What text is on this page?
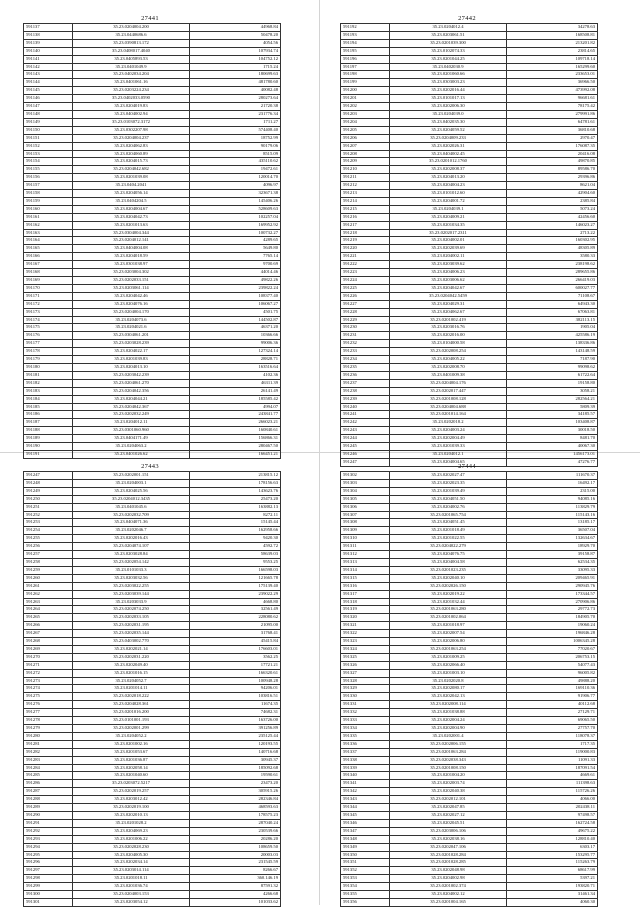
27441
591137	35.23.0204004.200	44968.84
591138	35.23.0440686.6	50478.20
591139	35.23.0390813.172	4054.56
591140	35.23.0408017.4040	107934.74
591141	35.23.0405893.53	104752.12
591142	35.23.0401049.9	1715.24
591143	35.23.0402034.204	180699.63
591144	35.23.0401061.16	481780.60
591145	35.23.0203224.234	40082.48
591146	35.23.0402033.0590	280273.64
591147	35.23.0204019.83	21720.38
591148	35.23.0404002.94	231776.34
591149	35.23.0103072.3172	1711.27
591150	35.23.0302207.98	574408.40
591151	35.23.0204004.237	18752.99
591152	35.23.0204062.83	90179.06
591153	35.23.0204060.89	8515.09
591154	35.23.0204015.73	435110.62
591155	35.23.0204042.682	19472.61
591156	35.23.0201039.08	120014.70
591157	35.23.0404.2041	4096.97
591158	35.23.0204056.14	323671.38
591159	35.23.0404204.5	145406.26
591160	35.23.0204004.67	528609.63
591161	35.23.0204042.73	102257.04
591162	35.23.0201013.63	169952.92
591163	35.23.0304004.344	100732.27
591164	35.23.0204012.141	4289.65
591165	35.23.0404004.08	5649.80
591166	35.23.0204018.59	7765.14
591167	35.23.0301038.97	9700.69
591168	35.23.0203004.302	44014.46
591169	35.23.0202033.151	49822.26
591170	35.23.0203061.114	239822.24
591171	35.23.0204042.46	108377.40
591172	35.23.0204076.16	106067.27
591173	35.23.0204004.170	4501.75
591174	35.23.0204073.6	144502.87
591175	35.23.0204021.6	46371.20
591176	35.23.0304061.201	10366.66
591177	35.23.0203028.239	99006.36
591178	35.23.0204022.17	127324.14
591179	35.23.0201039.83	28828.71
591180	35.23.0204013.10	163516.64
591181	35.23.0203042.239	4102.36
591182	35.23.0204061.270	46311.39
591183	35.23.0204042.356	26141.49
591184	35.23.0204044.21	185585.42
591185	35.23.0204042.367	4994.07
591186	35.23.0202032.249	243841.77
591187	35.23.0204012.11	266023.21
591188	35.23.0301060.960	160840.61
591189	35.23.0404171.49	156866.31
591190	35.23.0204063.2	280467.50
591191	35.23.0401026.62	166451.21
27442
591192	35.23.0204012.4	34278.63
591193	35.23.0203061.51	168508.81
591194	35.23.0201039.300	213201.82
591195	35.23.0102074.33	23814.65
591196	35.23.0201044.25	109718.14
591197	35.23.0402030.9	165299.60
591198	35.23.0201060.66	233653.01
591199	35.23.0303003.23	36966.50
591200	35.23.0202016.44	473992.08
591201	35.23.0101017.13	96681.61
591202	35.23.0202006.30	78175.42
591203	35.23.0204039.0	279991.86
591204	35.23.0402035.30	64781.61
591205	35.23.0204059.52	36810.68
591206	35.23.0204009.233	2970.47
591207	35.23.0202026.31	176087.35
591208	35.23.0404002.45	20416.08
591209	35.23.0201012.1760	49870.85
591210	35.23.0202008.37	89586.70
591211	35.23.0204013.20	29396.86
591212	35.23.0204004.23	8621.04
591213	35.23.0101012.60	42904.60
591214	35.23.0204001.72	2385.84
591215	35.23.0204039.1	5073.24
591216	35.23.0204009.21	42456.60
591217	35.23.0201034.35	146023.27
591218	35.23.0202017.2311	2713.22
591219	35.23.0204002.01	160302.95
591220	35.23.0202039.69	48305.89
591221	35.23.0204002.11	3580.33
591222	35.23.0203039.62	238198.62
591223	35.23.0204006.23	289655.86
591224	35.23.0203006.62	266419.03
591225	35.23.0204042.67	600027.77
591226	35.23.0204042.5459	71108.67
591227	35.23.0204029.31	64943.30
591228	35.23.0204062.67	67063.81
591229	35.23.0201002.419	382113.15
591230	35.23.0203016.76	1905.04
591231	35.23.0202016.00	425586.19
591232	35.23.0104000.58	138336.86
591233	35.23.0202008.254	143148.59
591234	35.23.0204005.22	7187.90
591235	35.23.0202008.70	99098.62
591236	35.23.0401009.38	61722.64
591237	35.23.0204004.176	19158.80
591238	35.23.0202017.447	3058.21
591239	35.23.0201008.128	282564.21
591240	35.23.0204004.688	5809.39
591241	35.23.0201014.164	34185.57
591242	35.23.0202018.2	103408.87
591243	35.23.0204003.24	30018.50
591244	35.23.0202004.49	8481.70
591245	35.23.0201039.33	40067.30
591246	35.23.0204012.1	1456173.01
591247	35.23.0204004.65	47276.77
27443
591247	35.23.0202001.151	213815.12
591248	35.23.0204003.1	178156.63
591249	35.23.0204025.56	143623.76
591250	35.23.0204012.3435	25473.20
591251	35.23.0401045.6	163882.13
591252	35.23.0202032.709	8272.11
591253	35.23.0404071.36	15145.44
591254	35.23.0202046.7	162958.66
591255	35.23.0202016.43	9420.30
591256	35.23.0204074.107	4592.72
591257	35.23.0203028.84	58639.03
591258	35.23.0202054.142	9553.25
591259	35.23.0101033.3	166598.03
591260	35.23.0203032.56	121665.78
591261	35.23.0203022.255	175139.40
591262	35.23.0203039.144	239022.29
591263	35.23.0203033.9	4668.80
591264	35.23.0202074.250	32561.49
591265	35.23.0202033.105	228080.62
591266	35.23.0202031.195	21095.00
591267	35.23.0202035.144	31768.41
591268	35.23.0403002.770	45415.84
591269	35.23.0202021.14	176603.01
591270	35.23.0202031.220	3562.25
591271	35.23.0202049.40	17721.21
591272	35.23.0201016.15	166320.61
591273	35.23.0204052.7	100948.28
591274	35.23.0201014.11	94206.01
591275	35.23.0202018.222	103816.51
591276	35.23.0204028.361	11674.35
591277	35.23.0201016.200	74682.31
591278	35.23.0101001.193	163726.00
591279	35.23.0202001.299	391256.89
591280	35.23.0204052.2	235125.44
591281	35.23.0201002.16	120193.55
591282	35.23.0201053.67	140716.68
591283	35.23.0201036.87	30945.37
591284	35.23.0202058.14	185092.68
591285	35.23.0201040.60	19590.61
591286	35.23.0203072.5217	23473.20
591287	35.23.0202019.257	305915.26
591288	35.23.0203012.42	282346.84
591289	35.23.0202019.100	468593.63
591290	35.23.0202010.13	178575.23
591291	35.23.0201028.2	287040.24
591292	35.23.0204069.23	230539.66
591293	35.23.0201006.22	20286.20
591294	35.23.0202028.230	108659.50
591295	35.23.0204005.30	20003.03
591296	35.23.0202034.14	231545.59
591297	35.23.0203014.114	8266.67
591298	35.23.0201018.11	360.146.19
591299	35.23.0201036.74	87591.32
591300	35.23.0204003.153	4266.68
591301	35.23.0203054.12	101033.62
27444
591302	35.23.0202027.47	111670.37
591303	35.23.0202023.35	16492.17
591304	35.23.0201039.49	2315.00
591305	35.23.0204051.50	94085.16
591306	35.23.0204002.76	113829.79
591307	35.23.0201065.754	115143.16
591308	35.23.0204051.45	13185.17
591309	35.23.0201018.49	36507.04
591310	35.23.0201022.55	132634.67
591311	35.23.0204022.279	18929.70
591312	35.23.0204076.75	39158.87
591313	35.23.0204004.58	62534.35
591314	35.23.0201023.235	33095.33
591315	35.23.0202040.10	209465.91
591316	35.23.0202026.150	290945.76
591317	35.23.0202019.22	173344.57
591318	35.23.0201032.44	270906.86
591319	35.23.0201063.280	29772.73
591320	35.23.0201002.064	184905.70
591321	35.23.0201018.97	19060.24
591322	35.23.0202007.54	196846.28
591323	35.23.0202006.80	1006345.28
591324	35.23.0201063.254	77020.67
591325	35.23.0201009.25	206753.15
591326	35.23.0202066.40	54077.43
591327	35.23.0201003.10	96005.82
591328	35.23.0202020.8	49888.20
591329	35.23.0202080.17	169110.36
591330	35.23.0202042.13	91906.77
591331	35.23.0202008.114	40112.68
591332	35.23.0201038.88	27129.71
591333	35.23.0202004.24	69065.50
591334	35.23.0202004.90	27757.70
591335	35.23.0202001.4	118078.37
591336	35.23.0202006.155	1717.35
591337	35.23.0201063.284	119000.83
591338	35.23.0202038.343	11091.33
591339	35.23.0201008.150	187091.54
591340	35.23.0201004.20	4669.61
591341	35.23.0202003.74	111398.63
591342	35.23.0202040.38	115726.26
591343	35.23.0202012.101	4066.00
591344	35.23.0202047.85	202438.11
591345	35.23.0202027.12	97498.57
591346	35.23.0202045.51	162724.58
591347	35.23.0203006.106	49675.22
591348	35.23.0202038.16	128810.40
591349	35.23.0202047.106	6303.17
591350	35.23.0201028.284	153295.77
591351	35.23.0201028.285	115263.79
591352	35.23.0202048.98	68617.99
591353	35.23.0204002.98	5397.21
591354	35.23.0201002.374	193820.71
591355	35.23.0204002.12	31461.34
591356	35.23.0201004.165	4060.30
